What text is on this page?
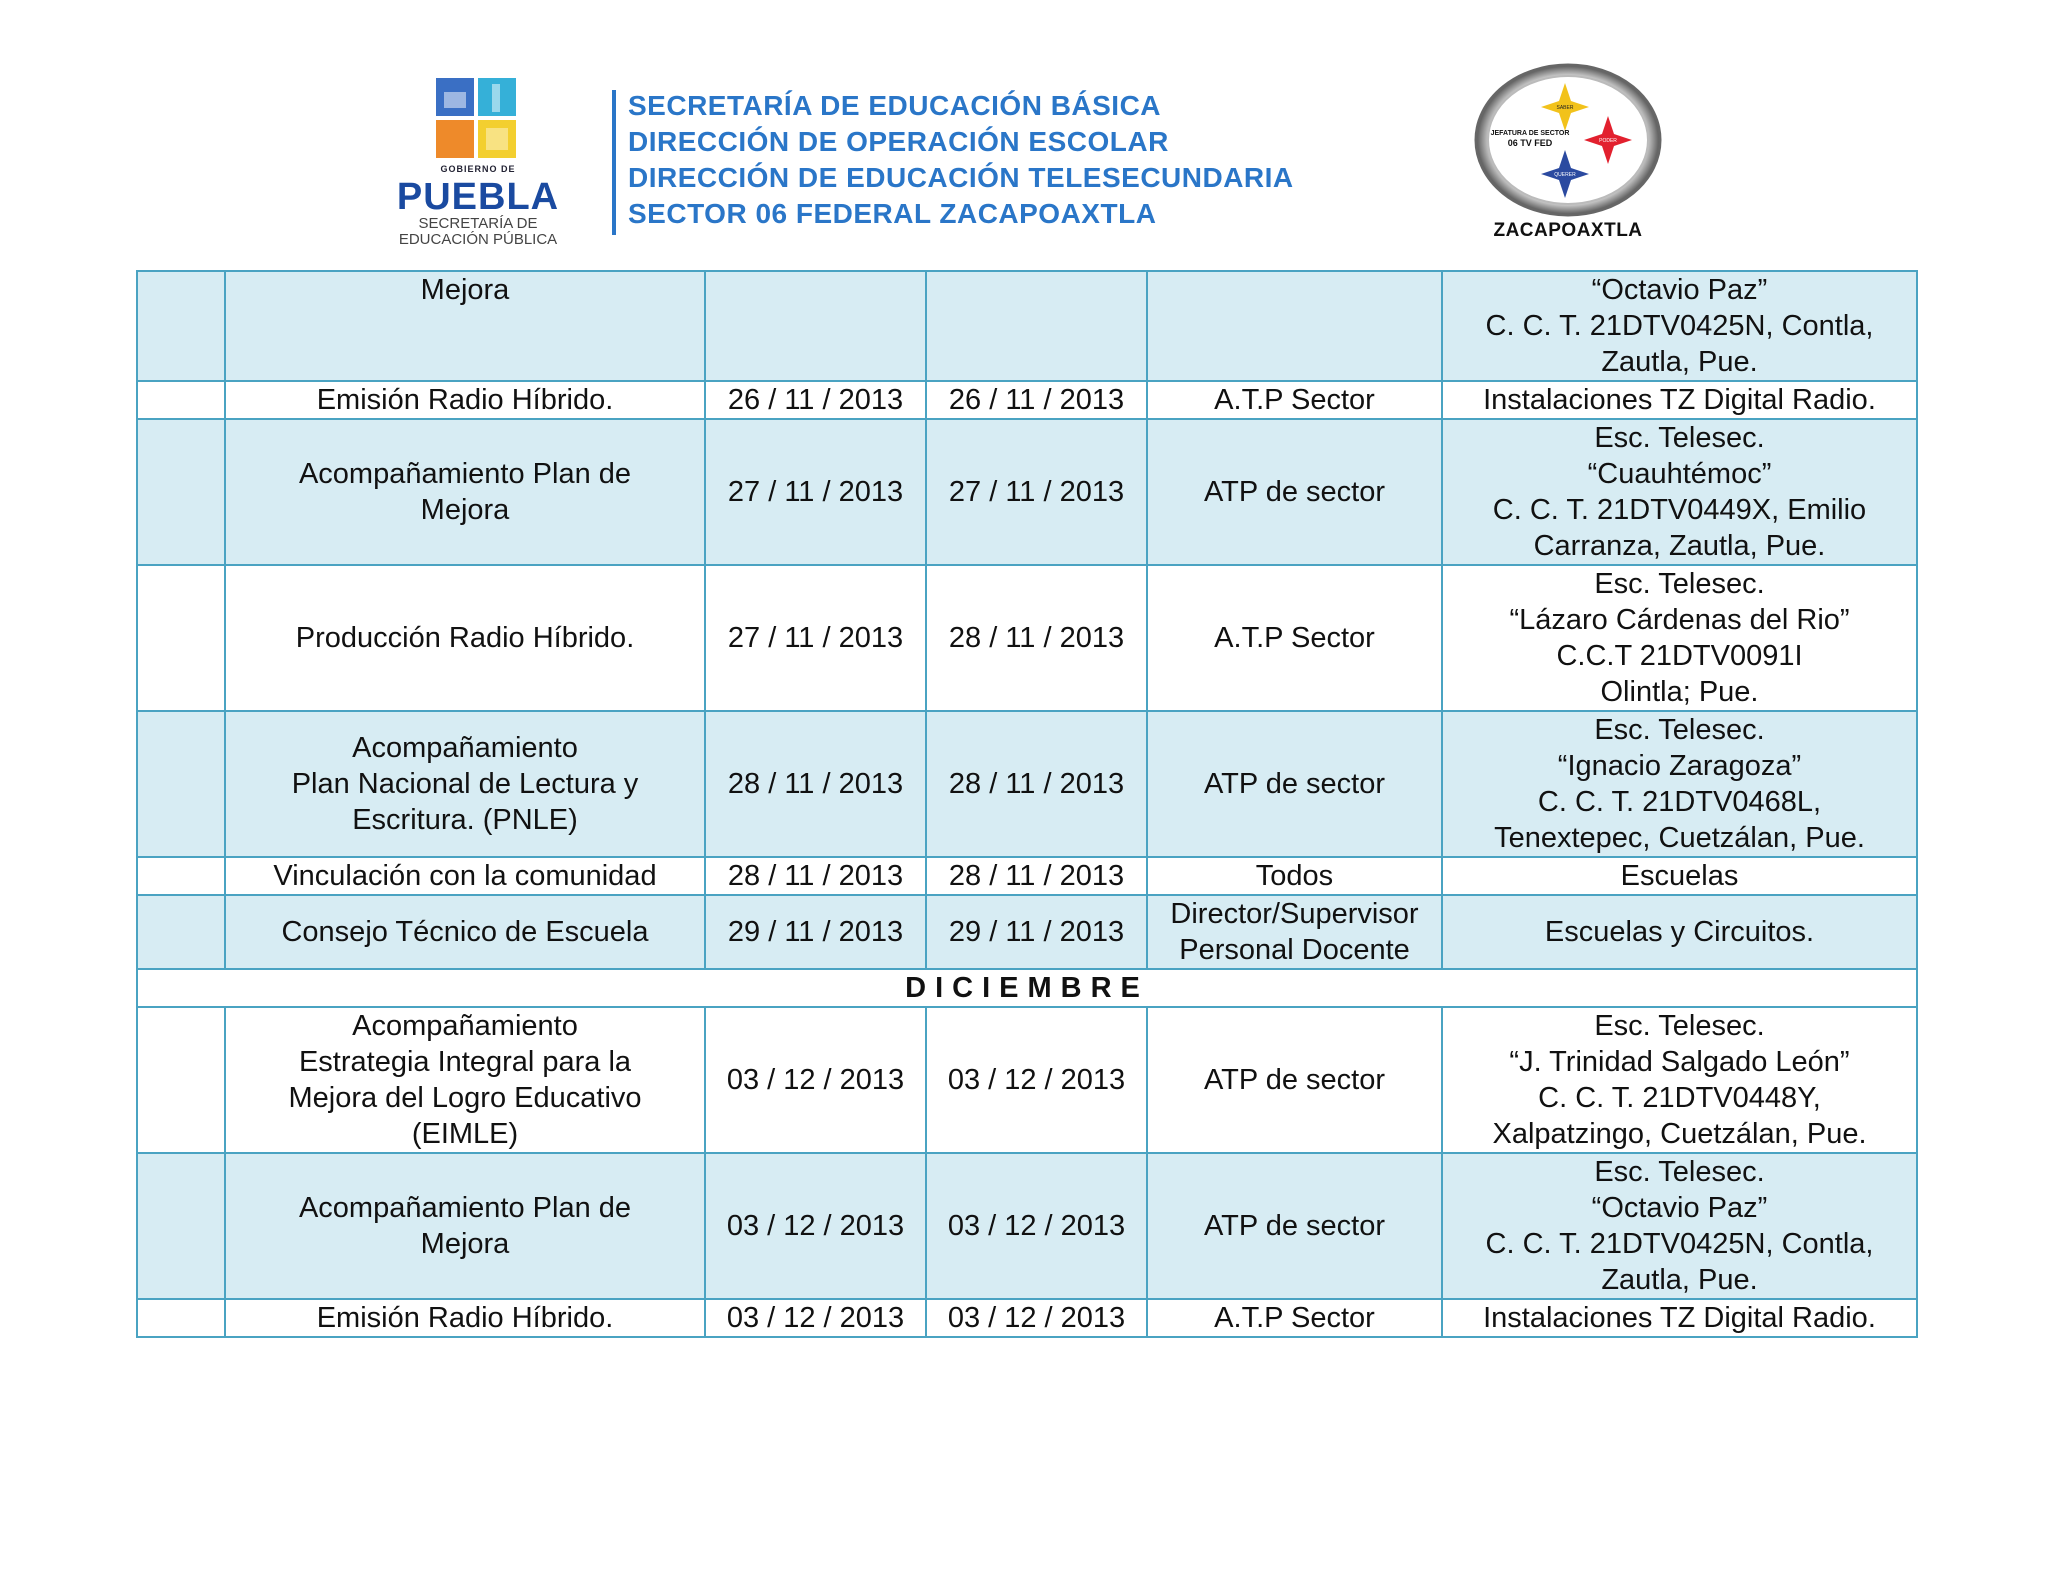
GOBIERNO DE
PUEBLA
SECRETARÍA DE
EDUCACIÓN PÚBLICA
SECRETARÍA DE EDUCACIÓN BÁSICA
DIRECCIÓN DE OPERACIÓN ESCOLAR
DIRECCIÓN DE EDUCACIÓN TELESECUNDARIA
SECTOR 06 FEDERAL ZACAPOAXTLA
SABER
PODER
QUERER
JEFATURA DE SECTOR
06 TV FED
ZACAPOAXTLA

	Mejora				“Octavio Paz”
C. C. T. 21DTV0425N, Contla,
Zautla, Pue.

	Emisión Radio Híbrido.	26 / 11 / 2013	26 / 11 / 2013	A.T.P Sector	Instalaciones TZ Digital Radio.

	Acompañamiento Plan de
Mejora	27 / 11 / 2013	27 / 11 / 2013	ATP de sector	Esc. Telesec.
“Cuauhtémoc”
C. C. T. 21DTV0449X, Emilio
Carranza, Zautla, Pue.

	Producción Radio Híbrido.	27 / 11 / 2013	28 / 11 / 2013	A.T.P Sector	Esc. Telesec.
“Lázaro Cárdenas del Rio”
C.C.T 21DTV0091I
Olintla; Pue.

	Acompañamiento
Plan Nacional de Lectura y
Escritura. (PNLE)	28 / 11 / 2013	28 / 11 / 2013	ATP de sector	Esc. Telesec.
“Ignacio Zaragoza”
C. C. T. 21DTV0468L,
Tenextepec, Cuetzálan, Pue.

	Vinculación con la comunidad	28 / 11 / 2013	28 / 11 / 2013	Todos	Escuelas

	Consejo Técnico de Escuela	29 / 11 / 2013	29 / 11 / 2013	Director/Supervisor
Personal Docente	Escuelas y Circuitos.

DICIEMBRE					

	Acompañamiento
Estrategia Integral para la
Mejora del Logro Educativo
(EIMLE)	03 / 12 / 2013	03 / 12 / 2013	ATP de sector	Esc. Telesec.
“J. Trinidad Salgado León”
C. C. T. 21DTV0448Y,
Xalpatzingo, Cuetzálan, Pue.

	Acompañamiento Plan de
Mejora	03 / 12 / 2013	03 / 12 / 2013	ATP de sector	Esc. Telesec.
“Octavio Paz”
C. C. T. 21DTV0425N, Contla,
Zautla, Pue.

	Emisión Radio Híbrido.	03 / 12 / 2013	03 / 12 / 2013	A.T.P Sector	Instalaciones TZ Digital Radio.
